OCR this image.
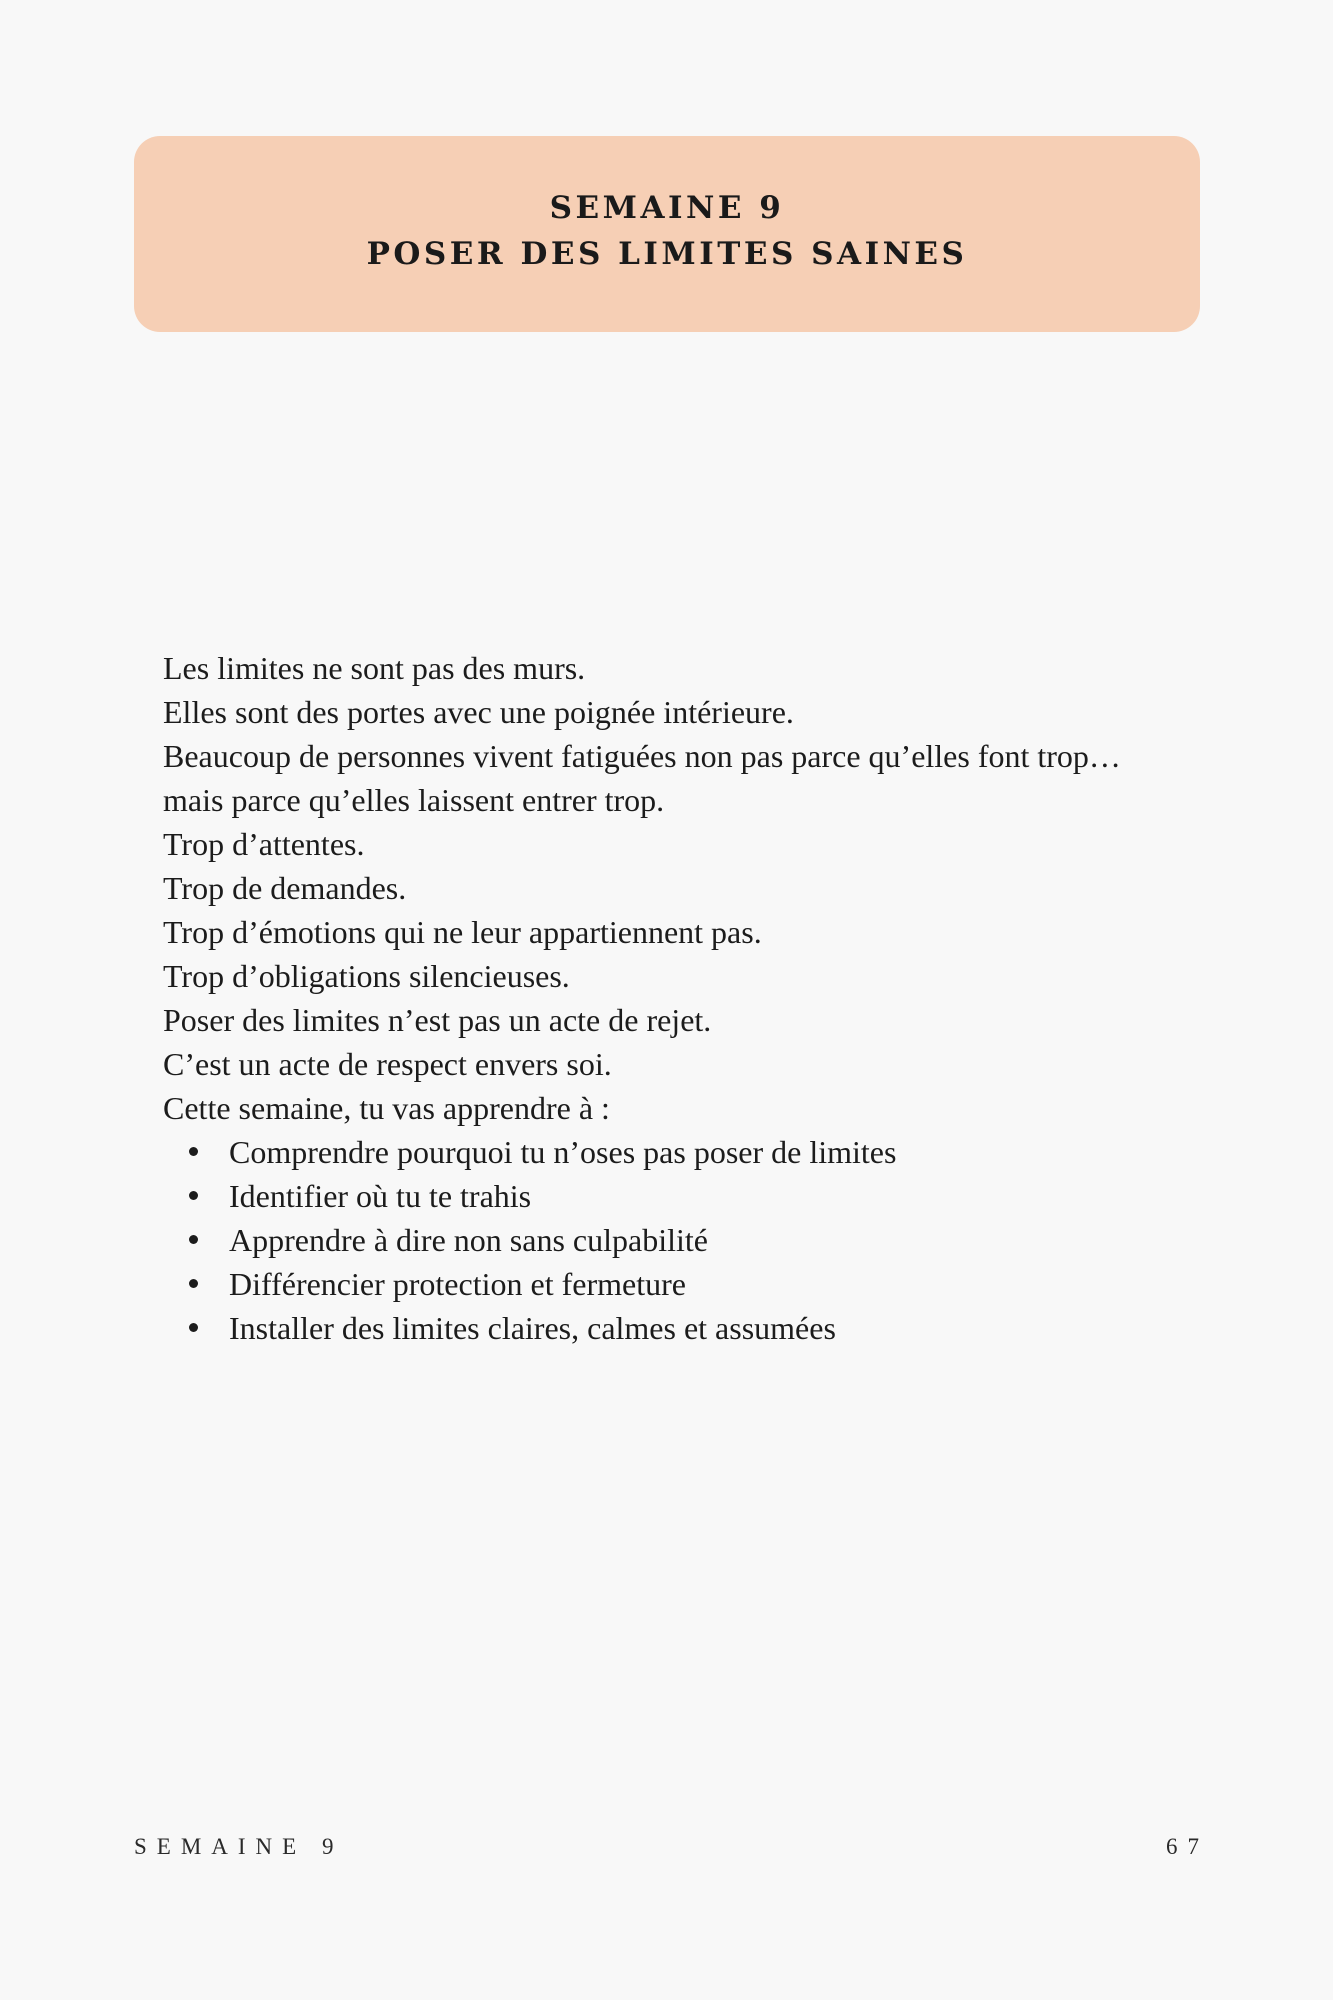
SEMAINE 9
POSER DES LIMITES SAINES

Les limites ne sont pas des murs.

Elles sont des portes avec une poignée intérieure.

Beaucoup de personnes vivent fatiguées non pas parce qu’elles font trop…

mais parce qu’elles laissent entrer trop.

Trop d’attentes.

Trop de demandes.

Trop d’émotions qui ne leur appartiennent pas.

Trop d’obligations silencieuses.

Poser des limites n’est pas un acte de rejet.

C’est un acte de respect envers soi.

Cette semaine, tu vas apprendre à :

Comprendre pourquoi tu n’oses pas poser de limites
Identifier où tu te trahis
Apprendre à dire non sans culpabilité
Différencier protection et fermeture
Installer des limites claires, calmes et assumées
SEMAINE 9	67
